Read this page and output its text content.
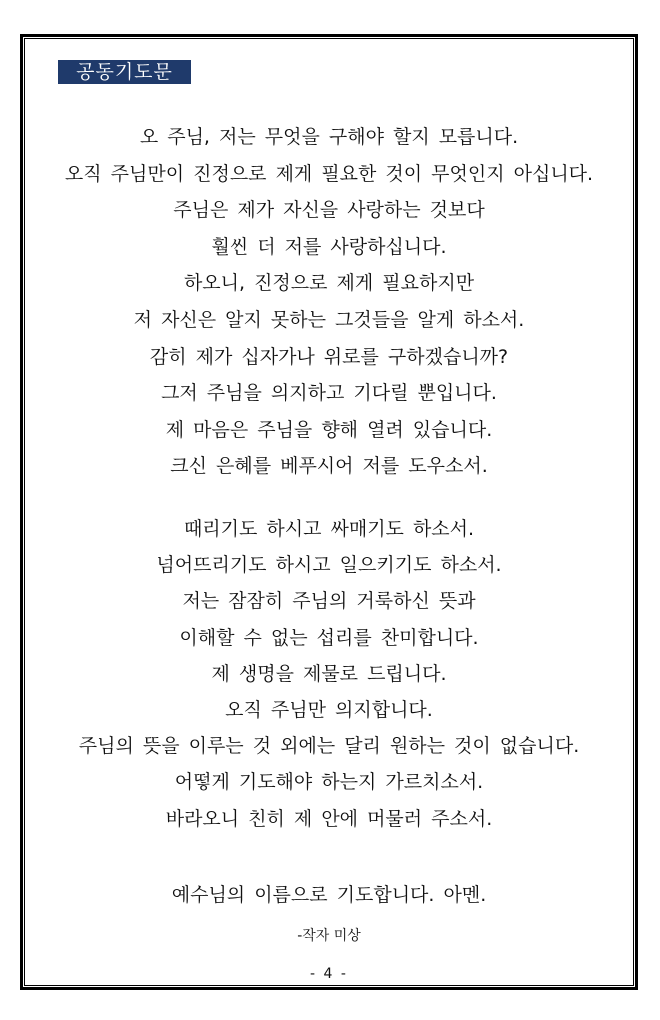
공동기도문
오 주님, 저는 무엇을 구해야 할지 모릅니다.
오직 주님만이 진정으로 제게 필요한 것이 무엇인지 아십니다.
주님은 제가 자신을 사랑하는 것보다
훨씬 더 저를 사랑하십니다.
하오니, 진정으로 제게 필요하지만
저 자신은 알지 못하는 그것들을 알게 하소서.
감히 제가 십자가나 위로를 구하겠습니까?
그저 주님을 의지하고 기다릴 뿐입니다.
제 마음은 주님을 향해 열려 있습니다.
크신 은혜를 베푸시어 저를 도우소서.
때리기도 하시고 싸매기도 하소서.
넘어뜨리기도 하시고 일으키기도 하소서.
저는 잠잠히 주님의 거룩하신 뜻과
이해할 수 없는 섭리를 찬미합니다.
제 생명을 제물로 드립니다.
오직 주님만 의지합니다.
주님의 뜻을 이루는 것 외에는 달리 원하는 것이 없습니다.
어떻게 기도해야 하는지 가르치소서.
바라오니 친히 제 안에 머물러 주소서.
예수님의 이름으로 기도합니다. 아멘.
-작자 미상
- 4 -
